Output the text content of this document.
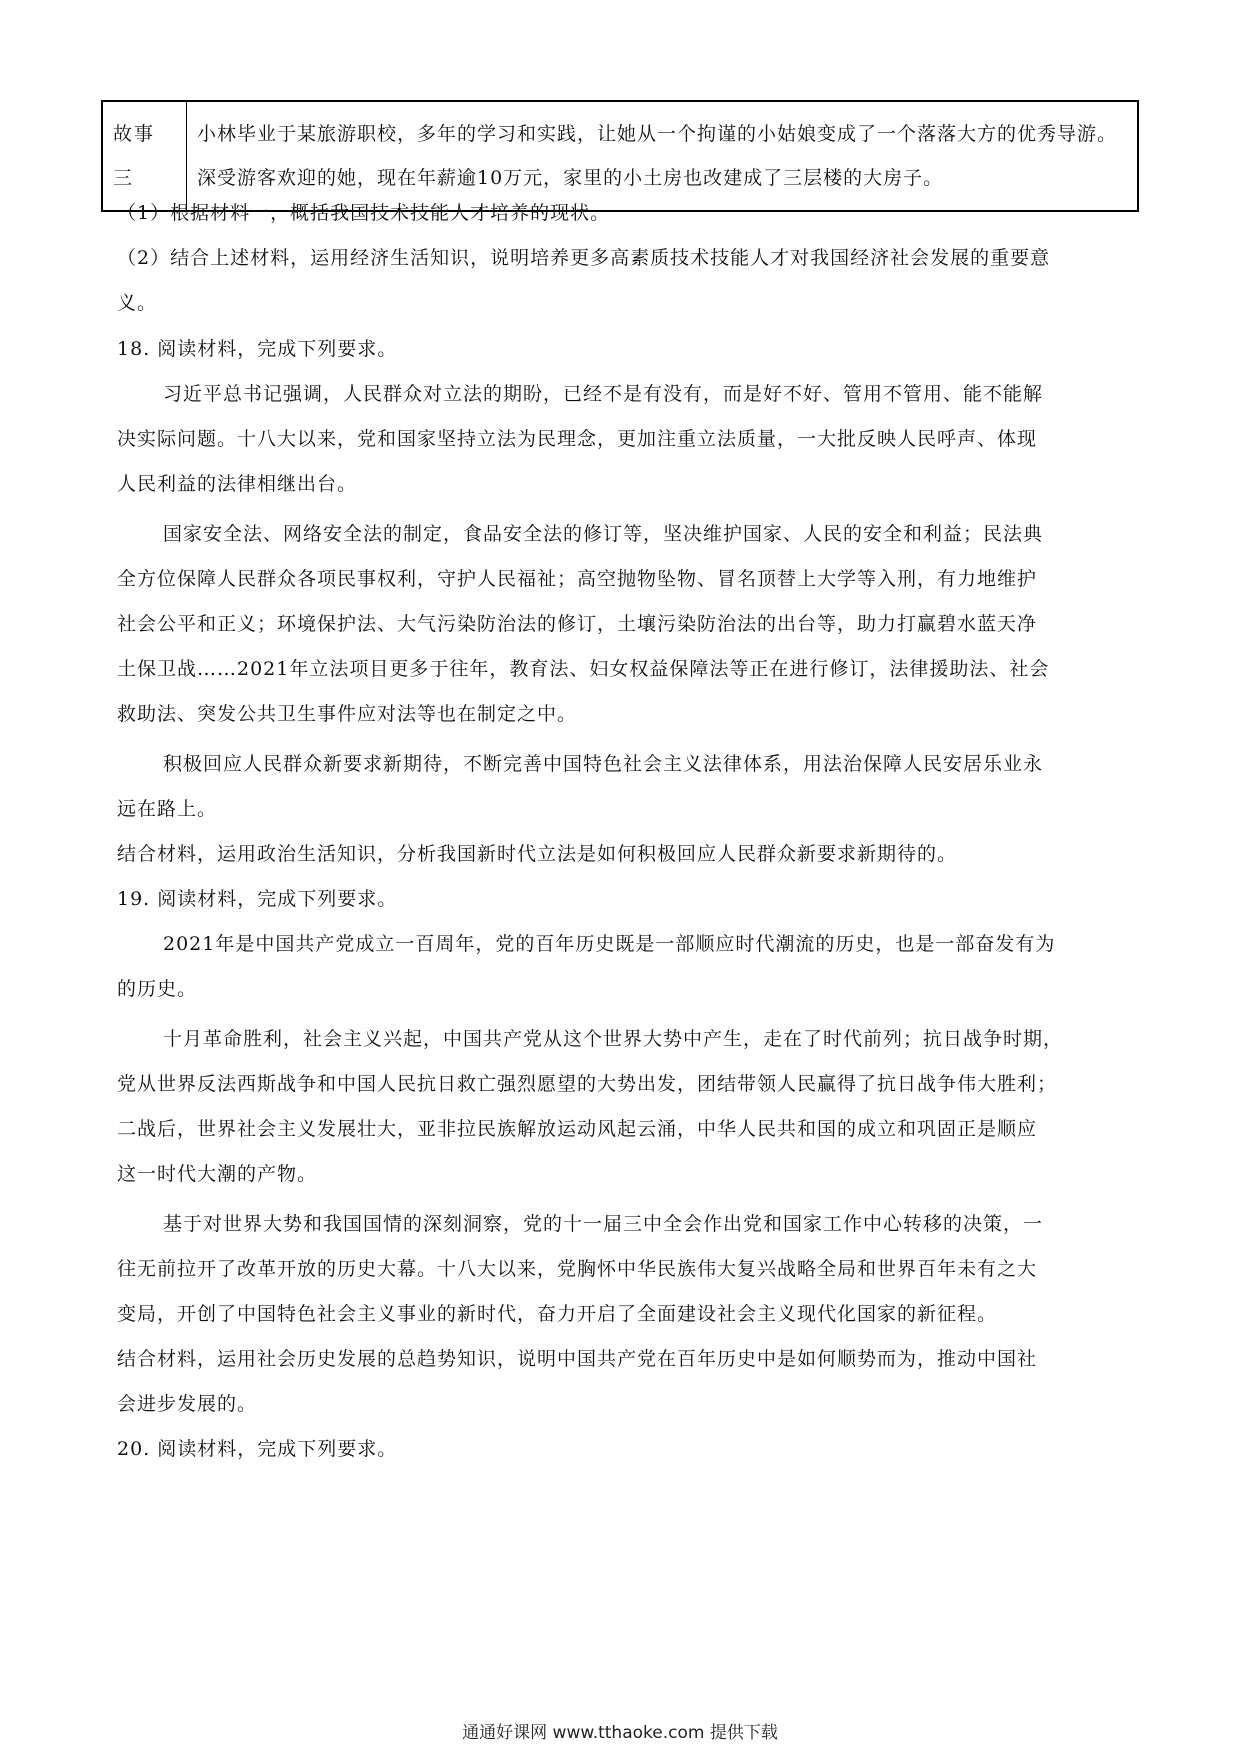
故事三	小林毕业于某旅游职校，多年的学习和实践，让她从一个拘谨的小姑娘变成了一个落落大方的优秀导游。深受游客欢迎的她，现在年薪逾10万元，家里的小土房也改建成了三层楼的大房子。
（1）根据材料一，概括我国技术技能人才培养的现状。
（2）结合上述材料，运用经济生活知识，说明培养更多高素质技术技能人才对我国经济社会发展的重要意
义。
18. 阅读材料，完成下列要求。
习近平总书记强调，人民群众对立法的期盼，已经不是有没有，而是好不好、管用不管用、能不能解
决实际问题。十八大以来，党和国家坚持立法为民理念，更加注重立法质量，一大批反映人民呼声、体现
人民利益的法律相继出台。
国家安全法、网络安全法的制定，食品安全法的修订等，坚决维护国家、人民的安全和利益；民法典
全方位保障人民群众各项民事权利，守护人民福祉；高空抛物坠物、冒名顶替上大学等入刑，有力地维护
社会公平和正义；环境保护法、大气污染防治法的修订，土壤污染防治法的出台等，助力打赢碧水蓝天净
土保卫战……2021年立法项目更多于往年，教育法、妇女权益保障法等正在进行修订，法律援助法、社会
救助法、突发公共卫生事件应对法等也在制定之中。
积极回应人民群众新要求新期待，不断完善中国特色社会主义法律体系，用法治保障人民安居乐业永
远在路上。
结合材料，运用政治生活知识，分析我国新时代立法是如何积极回应人民群众新要求新期待的。
19. 阅读材料，完成下列要求。
2021年是中国共产党成立一百周年，党的百年历史既是一部顺应时代潮流的历史，也是一部奋发有为
的历史。
十月革命胜利，社会主义兴起，中国共产党从这个世界大势中产生，走在了时代前列；抗日战争时期，
党从世界反法西斯战争和中国人民抗日救亡强烈愿望的大势出发，团结带领人民赢得了抗日战争伟大胜利；
二战后，世界社会主义发展壮大，亚非拉民族解放运动风起云涌，中华人民共和国的成立和巩固正是顺应
这一时代大潮的产物。
基于对世界大势和我国国情的深刻洞察，党的十一届三中全会作出党和国家工作中心转移的决策，一
往无前拉开了改革开放的历史大幕。十八大以来，党胸怀中华民族伟大复兴战略全局和世界百年未有之大
变局，开创了中国特色社会主义事业的新时代，奋力开启了全面建设社会主义现代化国家的新征程。
结合材料，运用社会历史发展的总趋势知识，说明中国共产党在百年历史中是如何顺势而为，推动中国社
会进步发展的。
20. 阅读材料，完成下列要求。
通通好课网 www.tthaoke.com 提供下载
